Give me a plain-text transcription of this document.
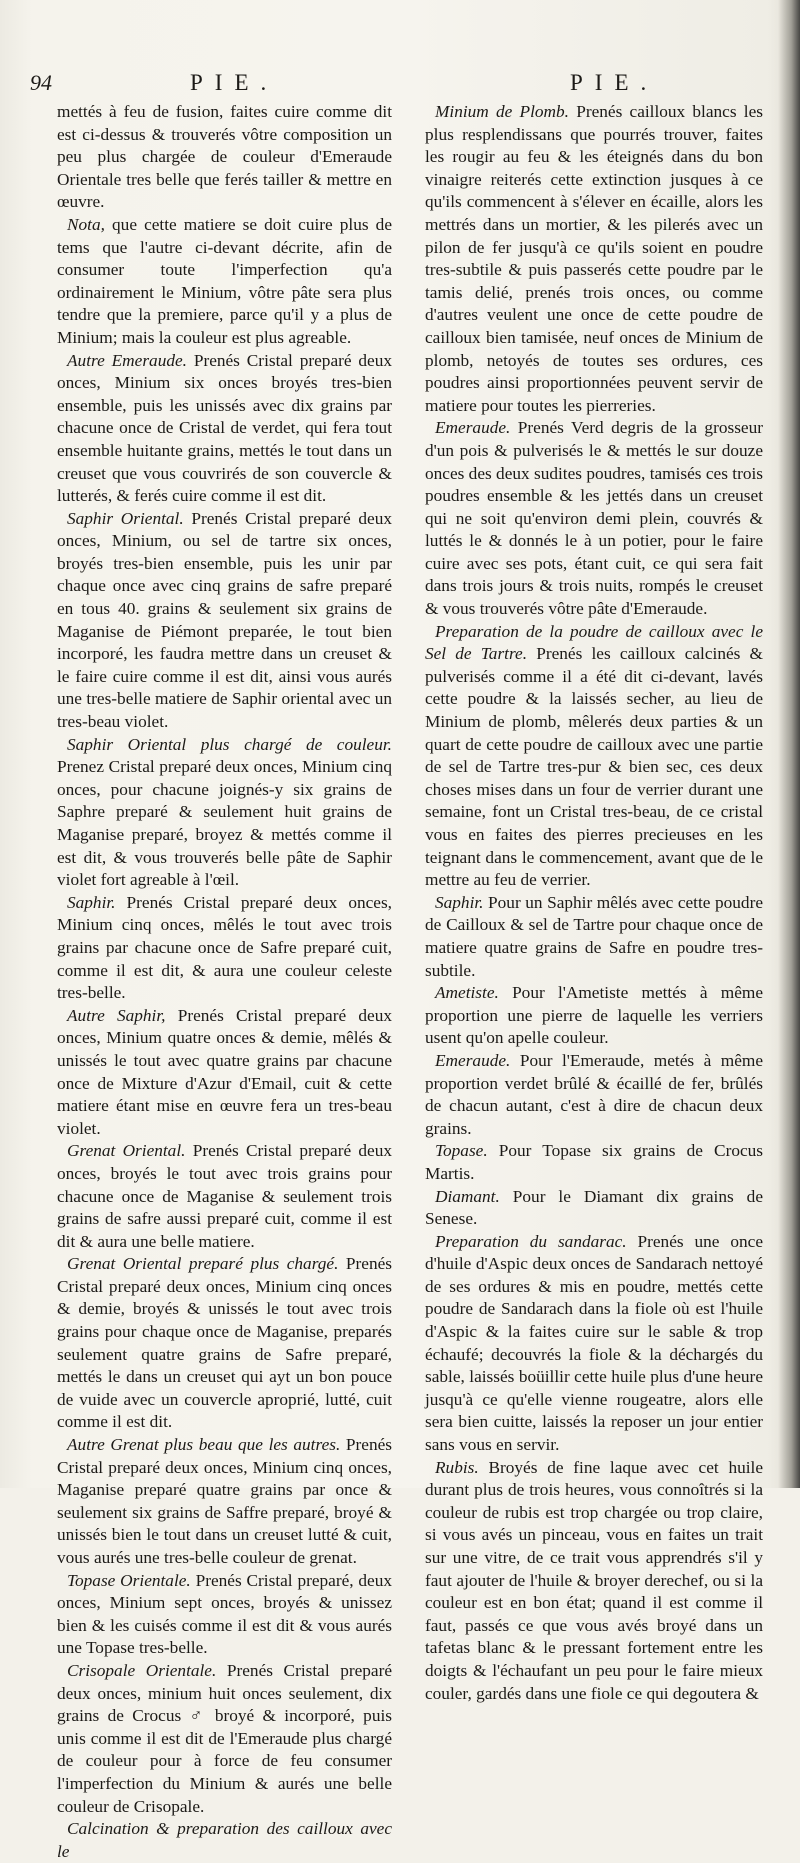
94	PIE.	PIE.

mettés à feu de fusion, faites cuire comme dit est ci-dessus & trouverés vôtre composition un peu plus chargée de couleur d'Emeraude Orientale tres belle que ferés tailler & mettre en œuvre.

Nota, que cette matiere se doit cuire plus de tems que l'autre ci-devant décrite, afin de consumer toute l'imperfection qu'a ordinairement le Minium, vôtre pâte sera plus tendre que la premiere, parce qu'il y a plus de Minium; mais la couleur est plus agreable.

Autre Emeraude. Prenés Cristal preparé deux onces, Minium six onces broyés tres-bien ensemble, puis les unissés avec dix grains par chacune once de Cristal de verdet, qui fera tout ensemble huitante grains, mettés le tout dans un creuset que vous couvrirés de son couvercle & lutterés, & ferés cuire comme il est dit.

Saphir Oriental. Prenés Cristal preparé deux onces, Minium, ou sel de tartre six onces, broyés tres-bien ensemble, puis les unir par chaque once avec cinq grains de safre preparé en tous 40. grains & seulement six grains de Maganise de Piémont preparée, le tout bien incorporé, les faudra mettre dans un creuset & le faire cuire comme il est dit, ainsi vous aurés une tres-belle matiere de Saphir oriental avec un tres-beau violet.

Saphir Oriental plus chargé de couleur. Prenez Cristal preparé deux onces, Minium cinq onces, pour chacune joignés-y six grains de Saphre preparé & seulement huit grains de Maganise preparé, broyez & mettés comme il est dit, & vous trouverés belle pâte de Saphir violet fort agreable à l'œil.

Saphir. Prenés Cristal preparé deux onces, Minium cinq onces, mêlés le tout avec trois grains par chacune once de Safre preparé cuit, comme il est dit, & aura une couleur celeste tres-belle.

Autre Saphir, Prenés Cristal preparé deux onces, Minium quatre onces & demie, mêlés & unissés le tout avec quatre grains par chacune once de Mixture d'Azur d'Email, cuit & cette matiere étant mise en œuvre fera un tres-beau violet.

Grenat Oriental. Prenés Cristal preparé deux onces, broyés le tout avec trois grains pour chacune once de Maganise & seulement trois grains de safre aussi preparé cuit, comme il est dit & aura une belle matiere.

Grenat Oriental preparé plus chargé. Prenés Cristal preparé deux onces, Minium cinq onces & demie, broyés & unissés le tout avec trois grains pour chaque once de Maganise, preparés seulement quatre grains de Safre preparé, mettés le dans un creuset qui ayt un bon pouce de vuide avec un couvercle aproprié, lutté, cuit comme il est dit.

Autre Grenat plus beau que les autres. Prenés Cristal preparé deux onces, Minium cinq onces, Maganise preparé quatre grains par once & seulement six grains de Saffre preparé, broyé & unissés bien le tout dans un creuset lutté & cuit, vous aurés une tres-belle couleur de grenat.

Topase Orientale. Prenés Cristal preparé, deux onces, Minium sept onces, broyés & unissez bien & les cuisés comme il est dit & vous aurés une Topase tres-belle.

Crisopale Orientale. Prenés Cristal preparé deux onces, minium huit onces seulement, dix grains de Crocus ♂ broyé & incorporé, puis unis comme il est dit de l'Emeraude plus chargé de couleur pour à force de feu consumer l'imperfection du Minium & aurés une belle couleur de Crisopale.

Calcination & preparation des cailloux avec le

Minium de Plomb. Prenés cailloux blancs les plus resplendissans que pourrés trouver, faites les rougir au feu & les éteignés dans du bon vinaigre reiterés cette extinction jusques à ce qu'ils commencent à s'élever en écaille, alors les mettrés dans un mortier, & les pilerés avec un pilon de fer jusqu'à ce qu'ils soient en poudre tres-subtile & puis passerés cette poudre par le tamis delié, prenés trois onces, ou comme d'autres veulent une once de cette poudre de cailloux bien tamisée, neuf onces de Minium de plomb, netoyés de toutes ses ordures, ces poudres ainsi proportionnées peuvent servir de matiere pour toutes les pierreries.

Emeraude. Prenés Verd degris de la grosseur d'un pois & pulverisés le & mettés le sur douze onces des deux sudites poudres, tamisés ces trois poudres ensemble & les jettés dans un creuset qui ne soit qu'environ demi plein, couvrés & luttés le & donnés le à un potier, pour le faire cuire avec ses pots, étant cuit, ce qui sera fait dans trois jours & trois nuits, rompés le creuset & vous trouverés vôtre pâte d'Emeraude.

Preparation de la poudre de cailloux avec le Sel de Tartre. Prenés les cailloux calcinés & pulverisés comme il a été dit ci-devant, lavés cette poudre & la laissés secher, au lieu de Minium de plomb, mêlerés deux parties & un quart de cette poudre de cailloux avec une partie de sel de Tartre tres-pur & bien sec, ces deux choses mises dans un four de verrier durant une semaine, font un Cristal tres-beau, de ce cristal vous en faites des pierres precieuses en les teignant dans le commencement, avant que de le mettre au feu de verrier.

Saphir. Pour un Saphir mêlés avec cette poudre de Cailloux & sel de Tartre pour chaque once de matiere quatre grains de Safre en poudre tres-subtile.

Ametiste. Pour l'Ametiste mettés à même proportion une pierre de laquelle les verriers usent qu'on apelle couleur.

Emeraude. Pour l'Emeraude, metés à même proportion verdet brûlé & écaillé de fer, brûlés de chacun autant, c'est à dire de chacun deux grains.

Topase. Pour Topase six grains de Crocus Martis.

Diamant. Pour le Diamant dix grains de Senese.

Preparation du sandarac. Prenés une once d'huile d'Aspic deux onces de Sandarach nettoyé de ses ordures & mis en poudre, mettés cette poudre de Sandarach dans la fiole où est l'huile d'Aspic & la faites cuire sur le sable & trop échaufé; decouvrés la fiole & la déchargés du sable, laissés boüillir cette huile plus d'une heure jusqu'à ce qu'elle vienne rougeatre, alors elle sera bien cuitte, laissés la reposer un jour entier sans vous en servir.

Rubis. Broyés de fine laque avec cet huile durant plus de trois heures, vous connoîtrés si la couleur de rubis est trop chargée ou trop claire, si vous avés un pinceau, vous en faites un trait sur une vitre, de ce trait vous apprendrés s'il y faut ajouter de l'huile & broyer derechef, ou si la couleur est en bon état; quand il est comme il faut, passés ce que vous avés broyé dans un tafetas blanc & le pressant fortement entre les doigts & l'échaufant un peu pour le faire mieux couler, gardés dans une fiole ce qui degoutera &
